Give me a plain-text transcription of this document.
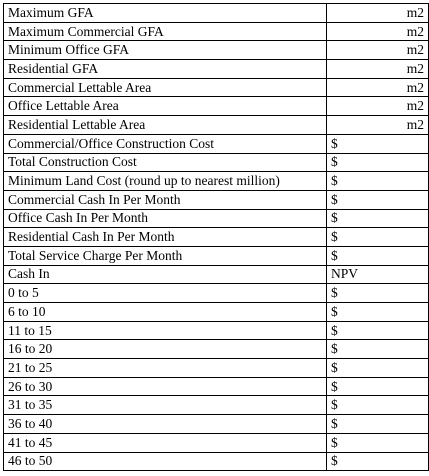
Maximum GFA	m2
Maximum Commercial GFA	m2
Minimum Office GFA	m2
Residential GFA	m2
Commercial Lettable Area	m2
Office Lettable Area	m2
Residential Lettable Area	m2
Commercial/Office Construction Cost	$
Total Construction Cost	$
Minimum Land Cost (round up to nearest million)	$
Commercial Cash In Per Month	$
Office Cash In Per Month	$
Residential Cash In Per Month	$
Total Service Charge Per Month	$
Cash In	NPV
0 to 5	$
6 to 10	$
11 to 15	$
16 to 20	$
21 to 25	$
26 to 30	$
31 to 35	$
36 to 40	$
41 to 45	$
46 to 50	$
